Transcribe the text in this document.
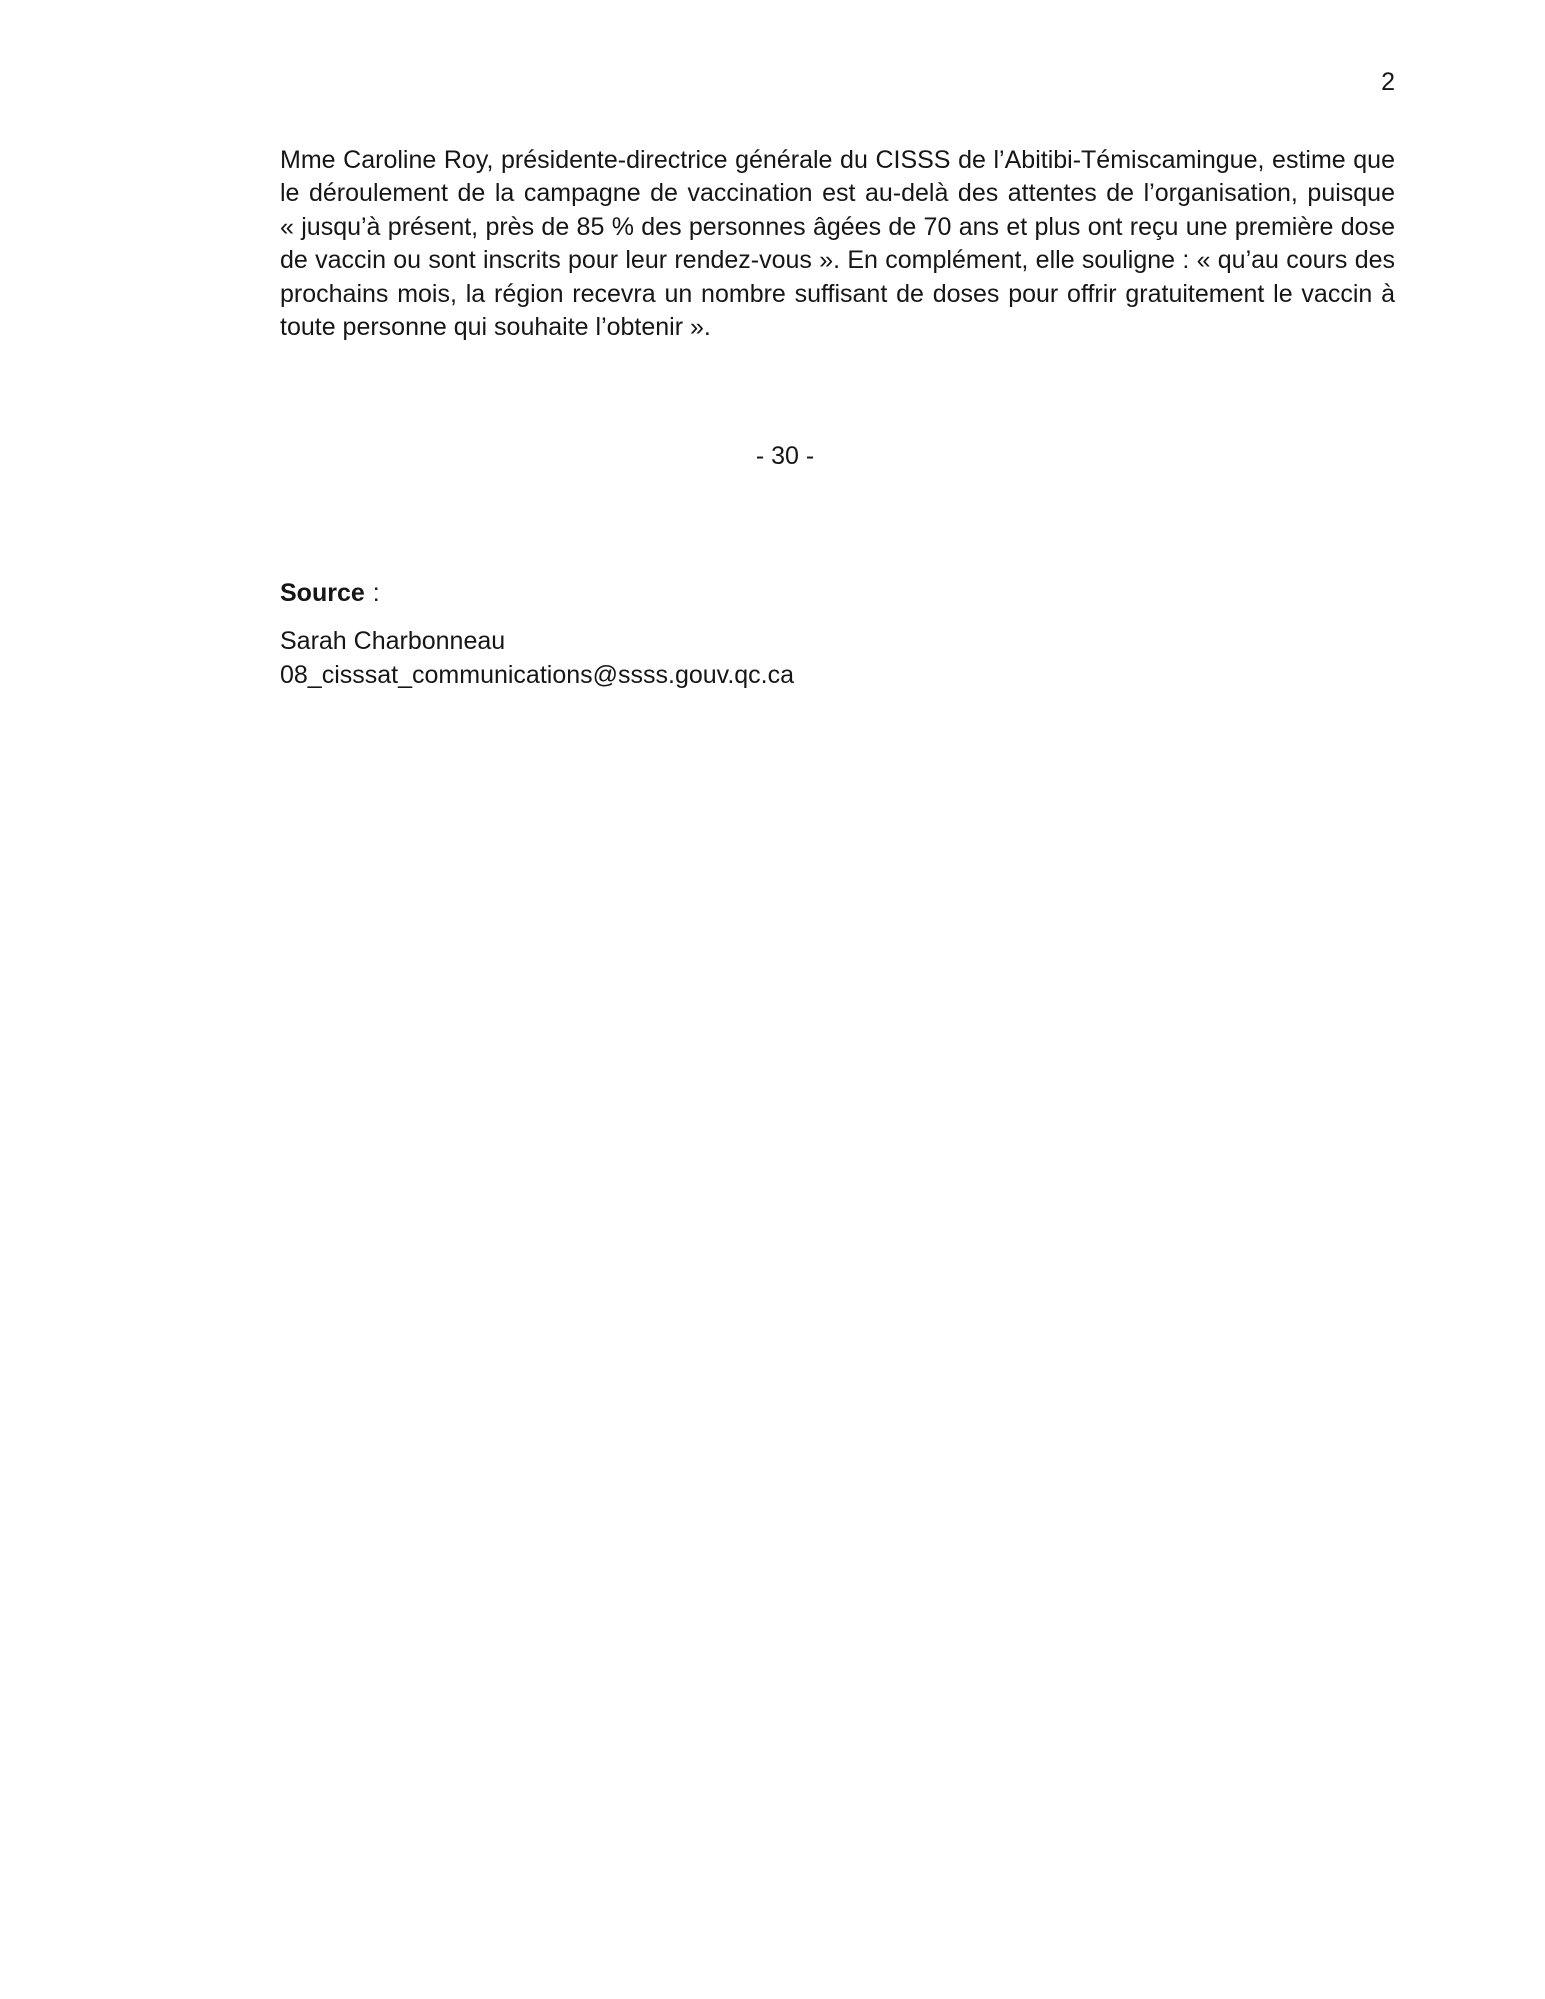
2
Mme Caroline Roy, présidente-directrice générale du CISSS de l’Abitibi-Témiscamingue, estime que
le déroulement de la campagne de vaccination est au-delà des attentes de l’organisation, puisque
« jusqu’à présent, près de 85 % des personnes âgées de 70 ans et plus ont reçu une première dose
de vaccin ou sont inscrits pour leur rendez-vous ». En complément, elle souligne : « qu’au cours des
prochains mois, la région recevra un nombre suffisant de doses pour offrir gratuitement le vaccin à
toute personne qui souhaite l’obtenir ».
- 30 -
Source :
Sarah Charbonneau
08_cisssat_communications@ssss.gouv.qc.ca
